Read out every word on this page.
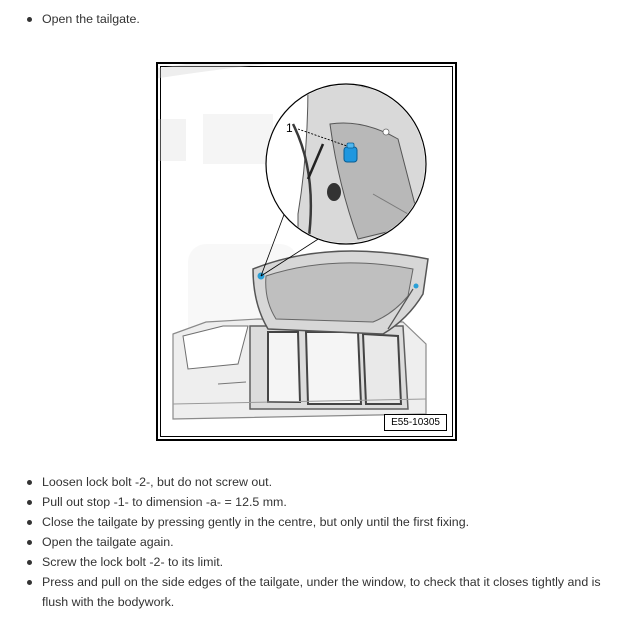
Open the tailgate.
1
E55-10305
Loosen lock bolt -2-, but do not screw out.
Pull out stop -1- to dimension -a- = 12.5 mm.
Close the tailgate by pressing gently in the centre, but only until the first fixing.
Open the tailgate again.
Screw the lock bolt -2- to its limit.
Press and pull on the side edges of the tailgate, under the window, to check that it closes tightly and is flush with the bodywork.
